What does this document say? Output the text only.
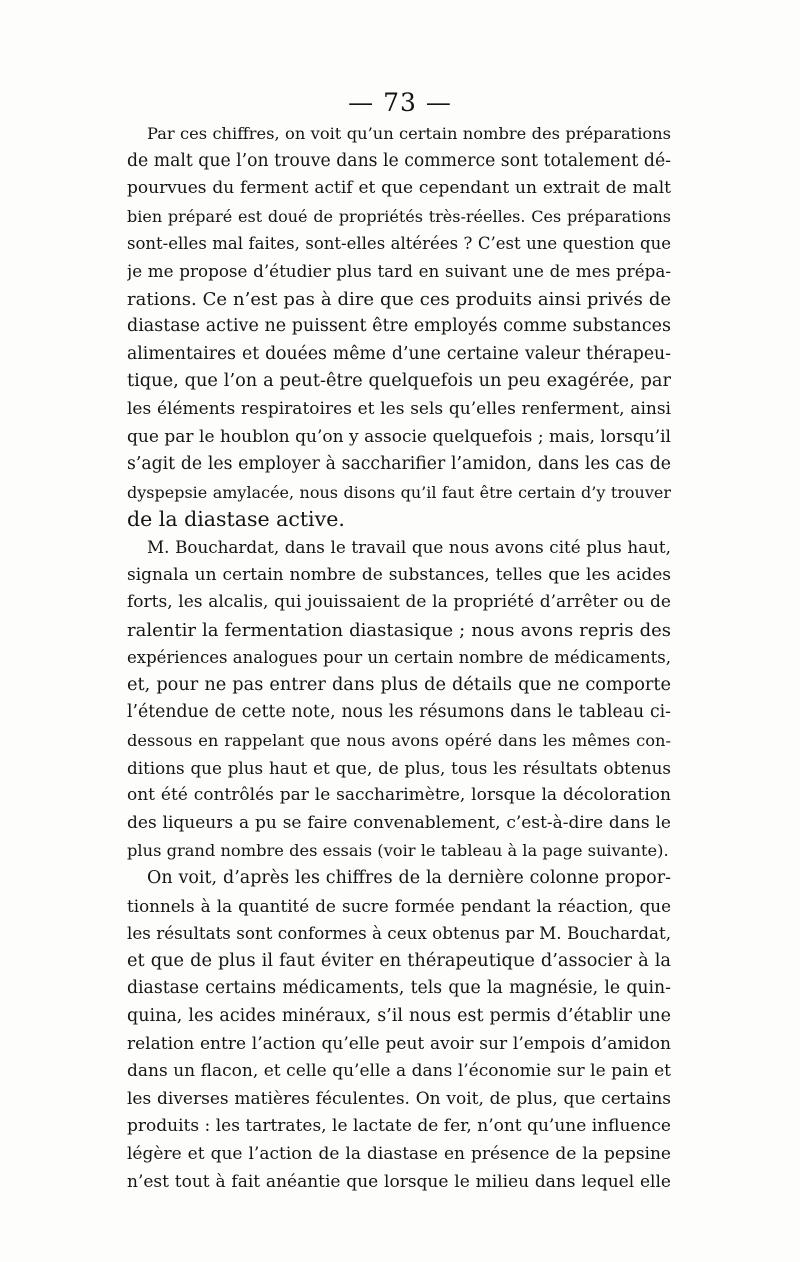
— 73 —
Par ces chiffres, on voit qu’un certain nombre des préparations
de malt que l’on trouve dans le commerce sont totalement dé-
pourvues du ferment actif et que cependant un extrait de malt
bien préparé est doué de propriétés très-réelles. Ces préparations
sont-elles mal faites, sont-elles altérées ? C’est une question que
je me propose d’étudier plus tard en suivant une de mes prépa-
rations. Ce n’est pas à dire que ces produits ainsi privés de
diastase active ne puissent être employés comme substances
alimentaires et douées même d’une certaine valeur thérapeu-
tique, que l’on a peut-être quelquefois un peu exagérée, par
les éléments respiratoires et les sels qu’elles renferment, ainsi
que par le houblon qu’on y associe quelquefois ; mais, lorsqu’il
s’agit de les employer à saccharifier l’amidon, dans les cas de
dyspepsie amylacée, nous disons qu’il faut être certain d’y trouver
de la diastase active.
M. Bouchardat, dans le travail que nous avons cité plus haut,
signala un certain nombre de substances, telles que les acides
forts, les alcalis, qui jouissaient de la propriété d’arrêter ou de
ralentir la fermentation diastasique ; nous avons repris des
expériences analogues pour un certain nombre de médicaments,
et, pour ne pas entrer dans plus de détails que ne comporte
l’étendue de cette note, nous les résumons dans le tableau ci-
dessous en rappelant que nous avons opéré dans les mêmes con-
ditions que plus haut et que, de plus, tous les résultats obtenus
ont été contrôlés par le saccharimètre, lorsque la décoloration
des liqueurs a pu se faire convenablement, c’est-à-dire dans le
plus grand nombre des essais (voir le tableau à la page suivante).
On voit, d’après les chiffres de la dernière colonne propor-
tionnels à la quantité de sucre formée pendant la réaction, que
les résultats sont conformes à ceux obtenus par M. Bouchardat,
et que de plus il faut éviter en thérapeutique d’associer à la
diastase certains médicaments, tels que la magnésie, le quin-
quina, les acides minéraux, s’il nous est permis d’établir une
relation entre l’action qu’elle peut avoir sur l’empois d’amidon
dans un flacon, et celle qu’elle a dans l’économie sur le pain et
les diverses matières féculentes. On voit, de plus, que certains
produits : les tartrates, le lactate de fer, n’ont qu’une influence
légère et que l’action de la diastase en présence de la pepsine
n’est tout à fait anéantie que lorsque le milieu dans lequel elle
